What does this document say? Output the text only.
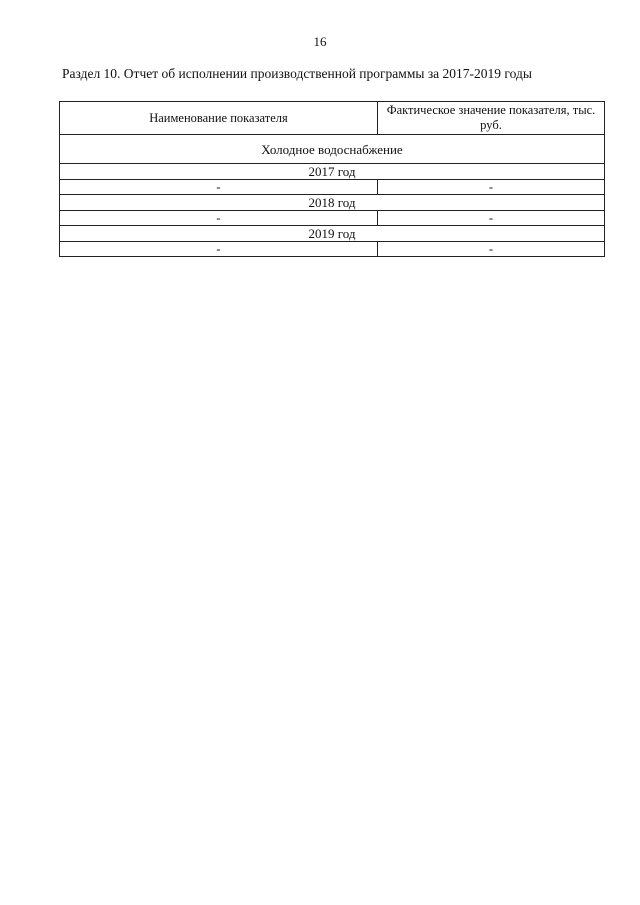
16
Раздел 10. Отчет об исполнении производственной программы за 2017-2019 годы
Наименование показателя	Фактическое значение показателя, тыс. руб.
Холодное водоснабжение	
2017 год	
-	-
2018 год	
-	-
2019 год	
-	-
